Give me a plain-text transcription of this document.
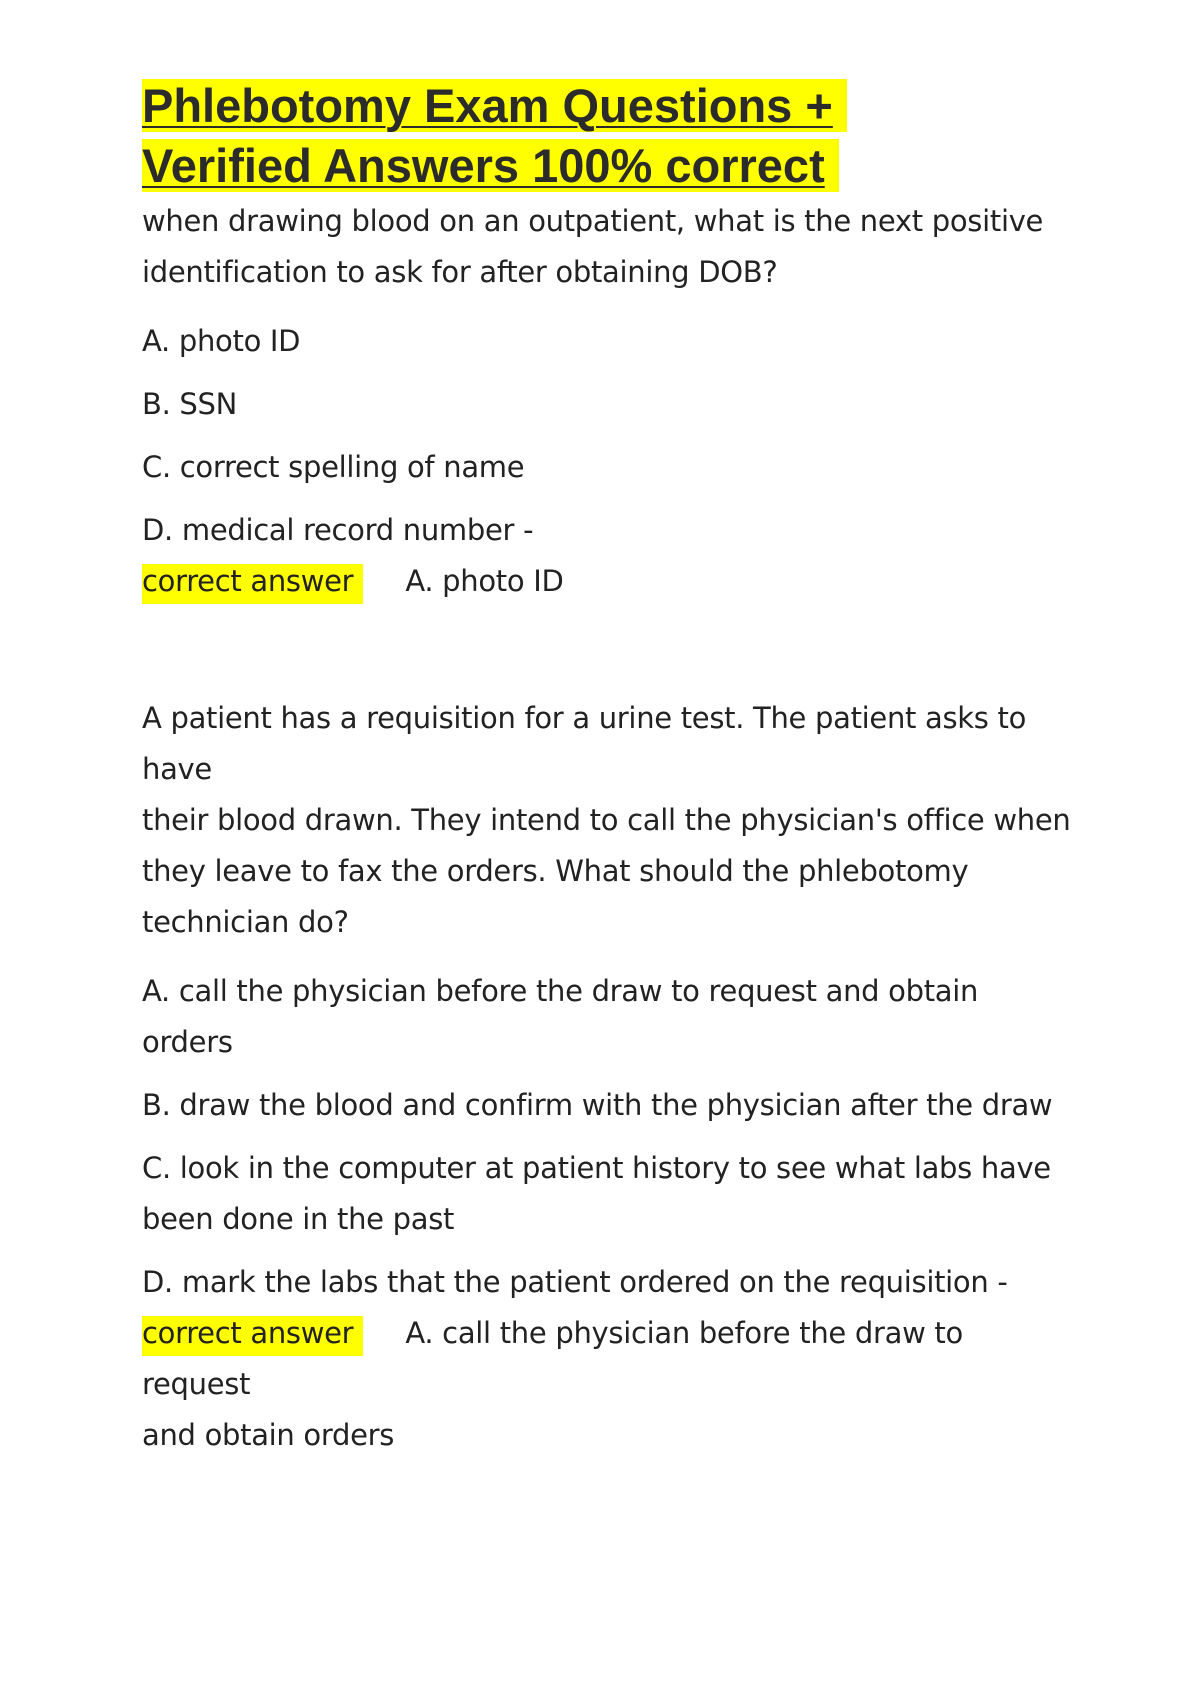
Phlebotomy Exam Questions +
Verified Answers 100% correct

when drawing blood on an outpatient, what is the next positive

identification to ask for after obtaining DOB?

A. photo ID

B. SSN

C. correct spelling of name

D. medical record number -

correct answer A. photo ID

A patient has a requisition for a urine test. The patient asks to have

their blood drawn. They intend to call the physician's office when

they leave to fax the orders. What should the phlebotomy

technician do?

A. call the physician before the draw to request and obtain orders

B. draw the blood and confirm with the physician after the draw

C. look in the computer at patient history to see what labs have

been done in the past

D. mark the labs that the patient ordered on the requisition -

correct answer A. call the physician before the draw to request

and obtain orders
